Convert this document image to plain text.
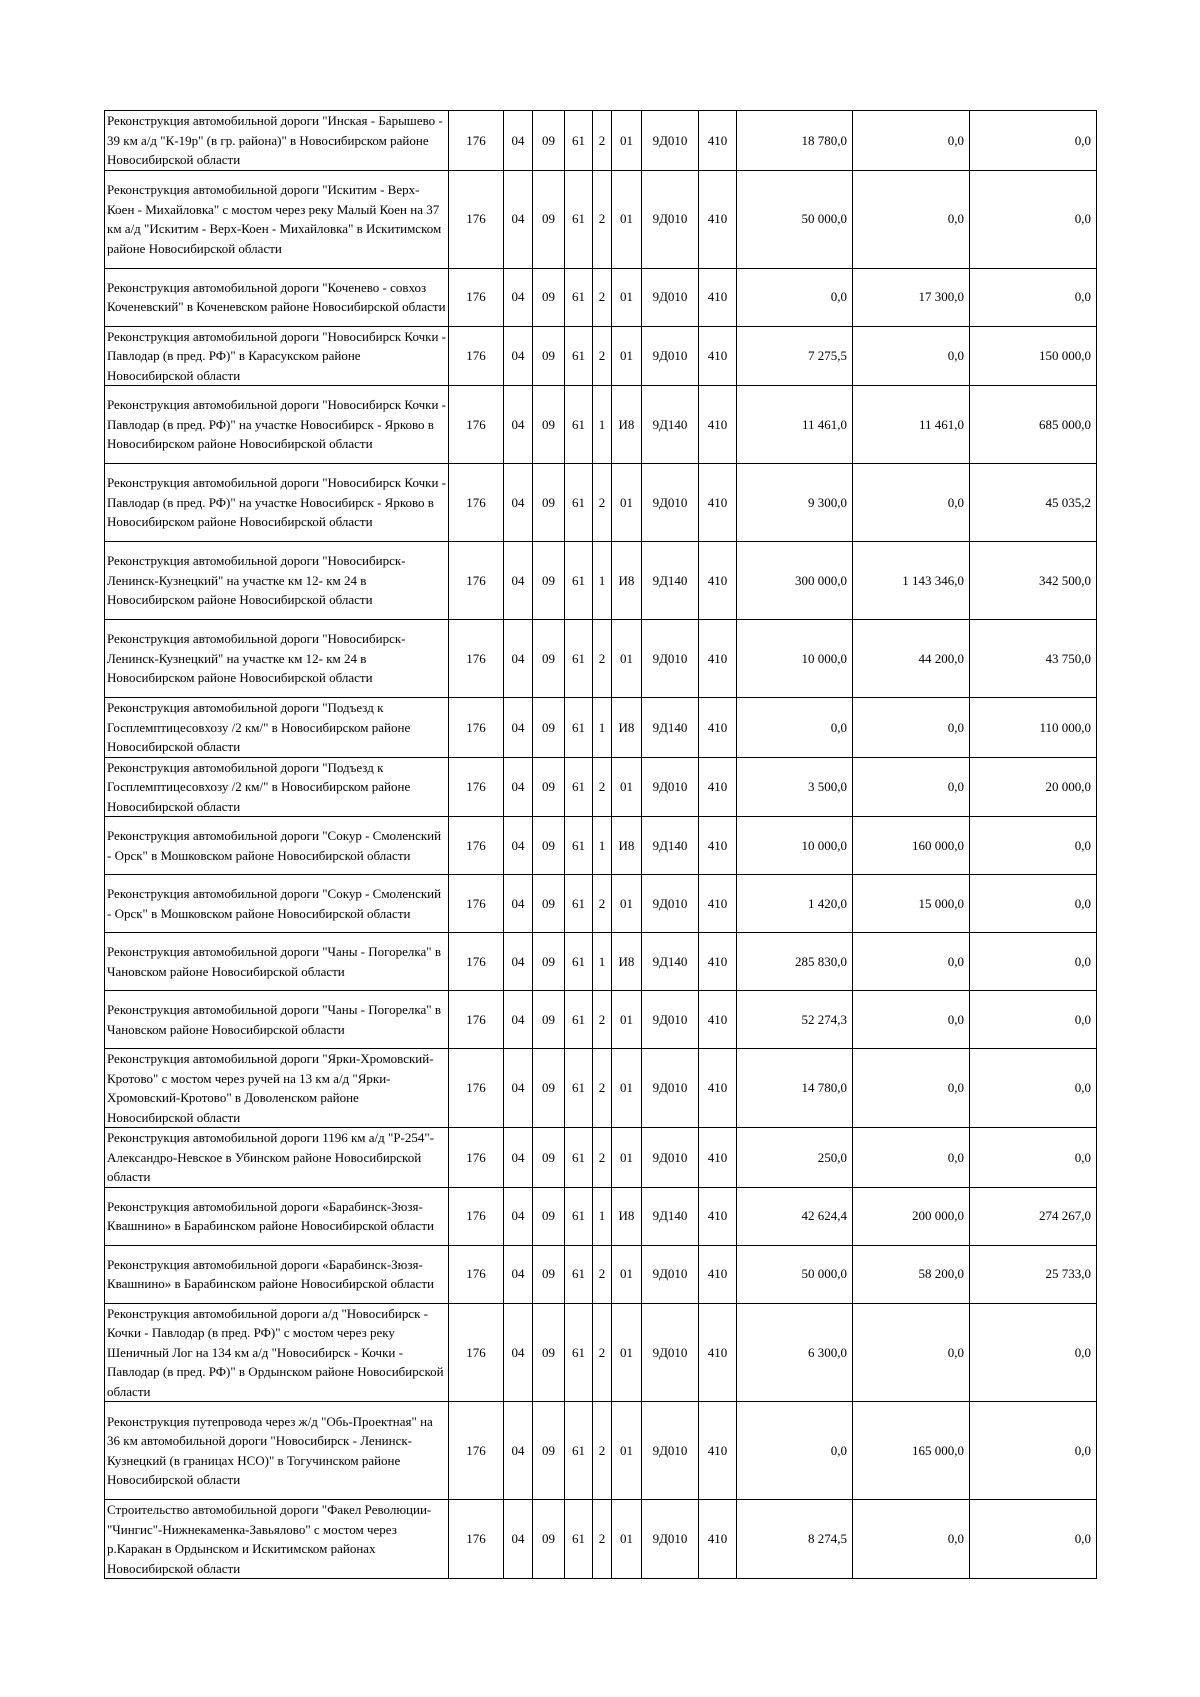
Реконструкция автомобильной дороги "Инская - Барышево - 39 км а/д "К-19р" (в гр. района)" в Новосибирском районе Новосибирской области	176	04	09	61	2	01	9Д010	410	18 780,0	0,0	0,0
Реконструкция автомобильной дороги "Искитим - Верх-Коен - Михайловка" с мостом через реку Малый Коен на 37 км а/д "Искитим - Верх-Коен - Михайловка" в Искитимском районе Новосибирской области	176	04	09	61	2	01	9Д010	410	50 000,0	0,0	0,0
Реконструкция автомобильной дороги "Коченево - совхоз Коченевский" в Коченевском районе Новосибирской области	176	04	09	61	2	01	9Д010	410	0,0	17 300,0	0,0
Реконструкция автомобильной дороги "Новосибирск Кочки - Павлодар (в пред. РФ)" в Карасукском районе Новосибирской области	176	04	09	61	2	01	9Д010	410	7 275,5	0,0	150 000,0
Реконструкция автомобильной дороги "Новосибирск Кочки - Павлодар (в пред. РФ)" на участке Новосибирск - Ярково в Новосибирском районе Новосибирской области	176	04	09	61	1	И8	9Д140	410	11 461,0	11 461,0	685 000,0
Реконструкция автомобильной дороги "Новосибирск Кочки - Павлодар (в пред. РФ)" на участке Новосибирск - Ярково в Новосибирском районе Новосибирской области	176	04	09	61	2	01	9Д010	410	9 300,0	0,0	45 035,2
Реконструкция автомобильной дороги "Новосибирск-Ленинск-Кузнецкий" на участке км 12- км 24 в Новосибирском районе Новосибирской области	176	04	09	61	1	И8	9Д140	410	300 000,0	1 143 346,0	342 500,0
Реконструкция автомобильной дороги "Новосибирск-Ленинск-Кузнецкий" на участке км 12- км 24 в Новосибирском районе Новосибирской области	176	04	09	61	2	01	9Д010	410	10 000,0	44 200,0	43 750,0
Реконструкция автомобильной дороги "Подъезд к Госплемптицесовхозу /2 км/" в Новосибирском районе Новосибирской области	176	04	09	61	1	И8	9Д140	410	0,0	0,0	110 000,0
Реконструкция автомобильной дороги "Подъезд к Госплемптицесовхозу /2 км/" в Новосибирском районе Новосибирской области	176	04	09	61	2	01	9Д010	410	3 500,0	0,0	20 000,0
Реконструкция автомобильной дороги "Сокур - Смоленский - Орск" в Мошковском районе Новосибирской области	176	04	09	61	1	И8	9Д140	410	10 000,0	160 000,0	0,0
Реконструкция автомобильной дороги "Сокур - Смоленский - Орск" в Мошковском районе Новосибирской области	176	04	09	61	2	01	9Д010	410	1 420,0	15 000,0	0,0
Реконструкция автомобильной дороги "Чаны - Погорелка" в Чановском районе Новосибирской области	176	04	09	61	1	И8	9Д140	410	285 830,0	0,0	0,0
Реконструкция автомобильной дороги "Чаны - Погорелка" в Чановском районе Новосибирской области	176	04	09	61	2	01	9Д010	410	52 274,3	0,0	0,0
Реконструкция автомобильной дороги "Ярки-Хромовский-Кротово" с мостом через ручей на 13 км а/д "Ярки-Хромовский-Кротово" в Доволенском районе Новосибирской области	176	04	09	61	2	01	9Д010	410	14 780,0	0,0	0,0
Реконструкция автомобильной дороги 1196 км а/д "Р-254"- Александро-Невское в Убинском районе Новосибирской области	176	04	09	61	2	01	9Д010	410	250,0	0,0	0,0
Реконструкция автомобильной дороги «Барабинск-Зюзя-Квашнино» в Барабинском районе Новосибирской области	176	04	09	61	1	И8	9Д140	410	42 624,4	200 000,0	274 267,0
Реконструкция автомобильной дороги «Барабинск-Зюзя-Квашнино» в Барабинском районе Новосибирской области	176	04	09	61	2	01	9Д010	410	50 000,0	58 200,0	25 733,0
Реконструкция автомобильной дороги а/д "Новосибирск - Кочки - Павлодар (в пред. РФ)" с мостом через реку Шеничный Лог на 134 км а/д "Новосибирск - Кочки - Павлодар (в пред. РФ)" в Ордынском районе Новосибирской области	176	04	09	61	2	01	9Д010	410	6 300,0	0,0	0,0
Реконструкция путепровода через ж/д "Обь-Проектная" на 36 км автомобильной дороги "Новосибирск - Ленинск-Кузнецкий (в границах НСО)" в Тогучинском районе Новосибирской области	176	04	09	61	2	01	9Д010	410	0,0	165 000,0	0,0
Строительство автомобильной дороги "Факел Революции-"Чингис"-Нижнекаменка-Завьялово" с мостом через р.Каракан в Ордынском и Искитимском районах Новосибирской области	176	04	09	61	2	01	9Д010	410	8 274,5	0,0	0,0
